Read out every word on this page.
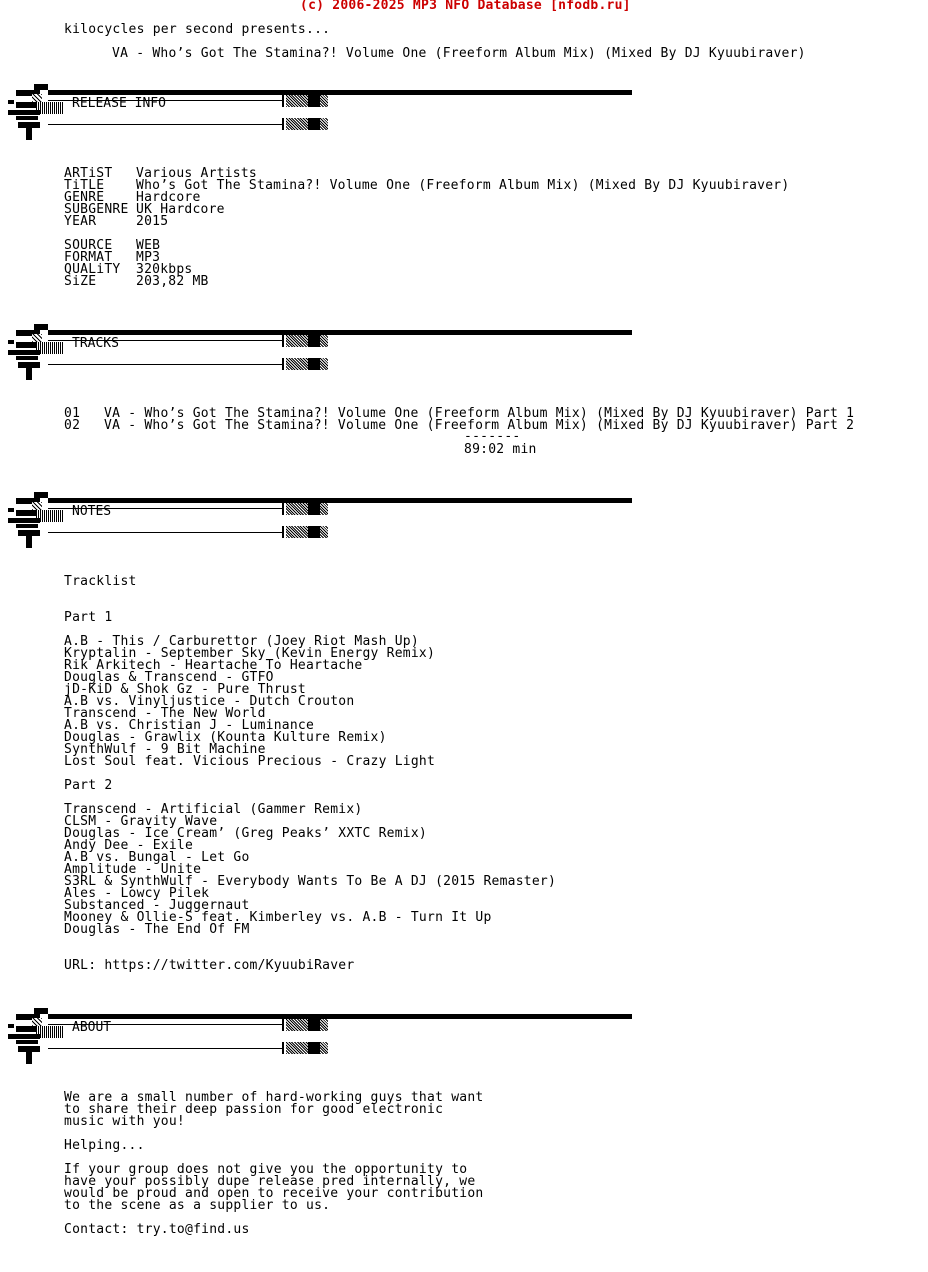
(c) 2006-2025 MP3 NFO Database [nfodb.ru]
kilocycles per second presents...
VA - Who’s Got The Stamina?! Volume One (Freeform Album Mix) (Mixed By DJ Kyuubiraver)
RELEASE INFO
ARTiST Various Artists
TiTLE Who’s Got The Stamina?! Volume One (Freeform Album Mix) (Mixed By DJ Kyuubiraver)
GENRE Hardcore
SUBGENRE UK Hardcore
YEAR	2015
SOURCE WEB
FORMAT MP3
QUALiTY 320kbps
SiZE	203,82 MB
TRACKS
01 VA - Who’s Got The Stamina?! Volume One (Freeform Album Mix) (Mixed By DJ Kyuubiraver) Part 1
02 VA - Who’s Got The Stamina?! Volume One (Freeform Album Mix) (Mixed By DJ Kyuubiraver) Part 2
-------
89:02 min
NOTES
Tracklist
Part 1
A.B - This / Carburettor (Joey Riot Mash Up)
Kryptalin - September Sky (Kevin Energy Remix)
Rik Arkitech - Heartache To Heartache
Douglas & Transcend - GTFO
jD-KiD & Shok Gz - Pure Thrust
A.B vs. Vinyljustice - Dutch Crouton
Transcend - The New World
A.B vs. Christian J - Luminance
Douglas - Grawlix (Kounta Kulture Remix)
SynthWulf - 9 Bit Machine
Lost Soul feat. Vicious Precious - Crazy Light
Part 2
Transcend - Artificial (Gammer Remix)
CLSM - Gravity Wave
Douglas - Ice Cream’ (Greg Peaks’ XXTC Remix)
Andy Dee - Exile
A.B vs. Bungal - Let Go
Amplitude - Unite
S3RL & SynthWulf - Everybody Wants To Be A DJ (2015 Remaster)
Ales - Lowcy Pilek
Substanced - Juggernaut
Mooney & Ollie-S feat. Kimberley vs. A.B - Turn It Up
Douglas - The End Of FM
URL: https://twitter.com/KyuubiRaver
ABOUT
We are a small number of hard-working guys that want
to share their deep passion for good electronic
music with you!
Helping...
If your group does not give you the opportunity to
have your possibly dupe release pred internally, we
would be proud and open to receive your contribution
to the scene as a supplier to us.
Contact: try.to@find.us
